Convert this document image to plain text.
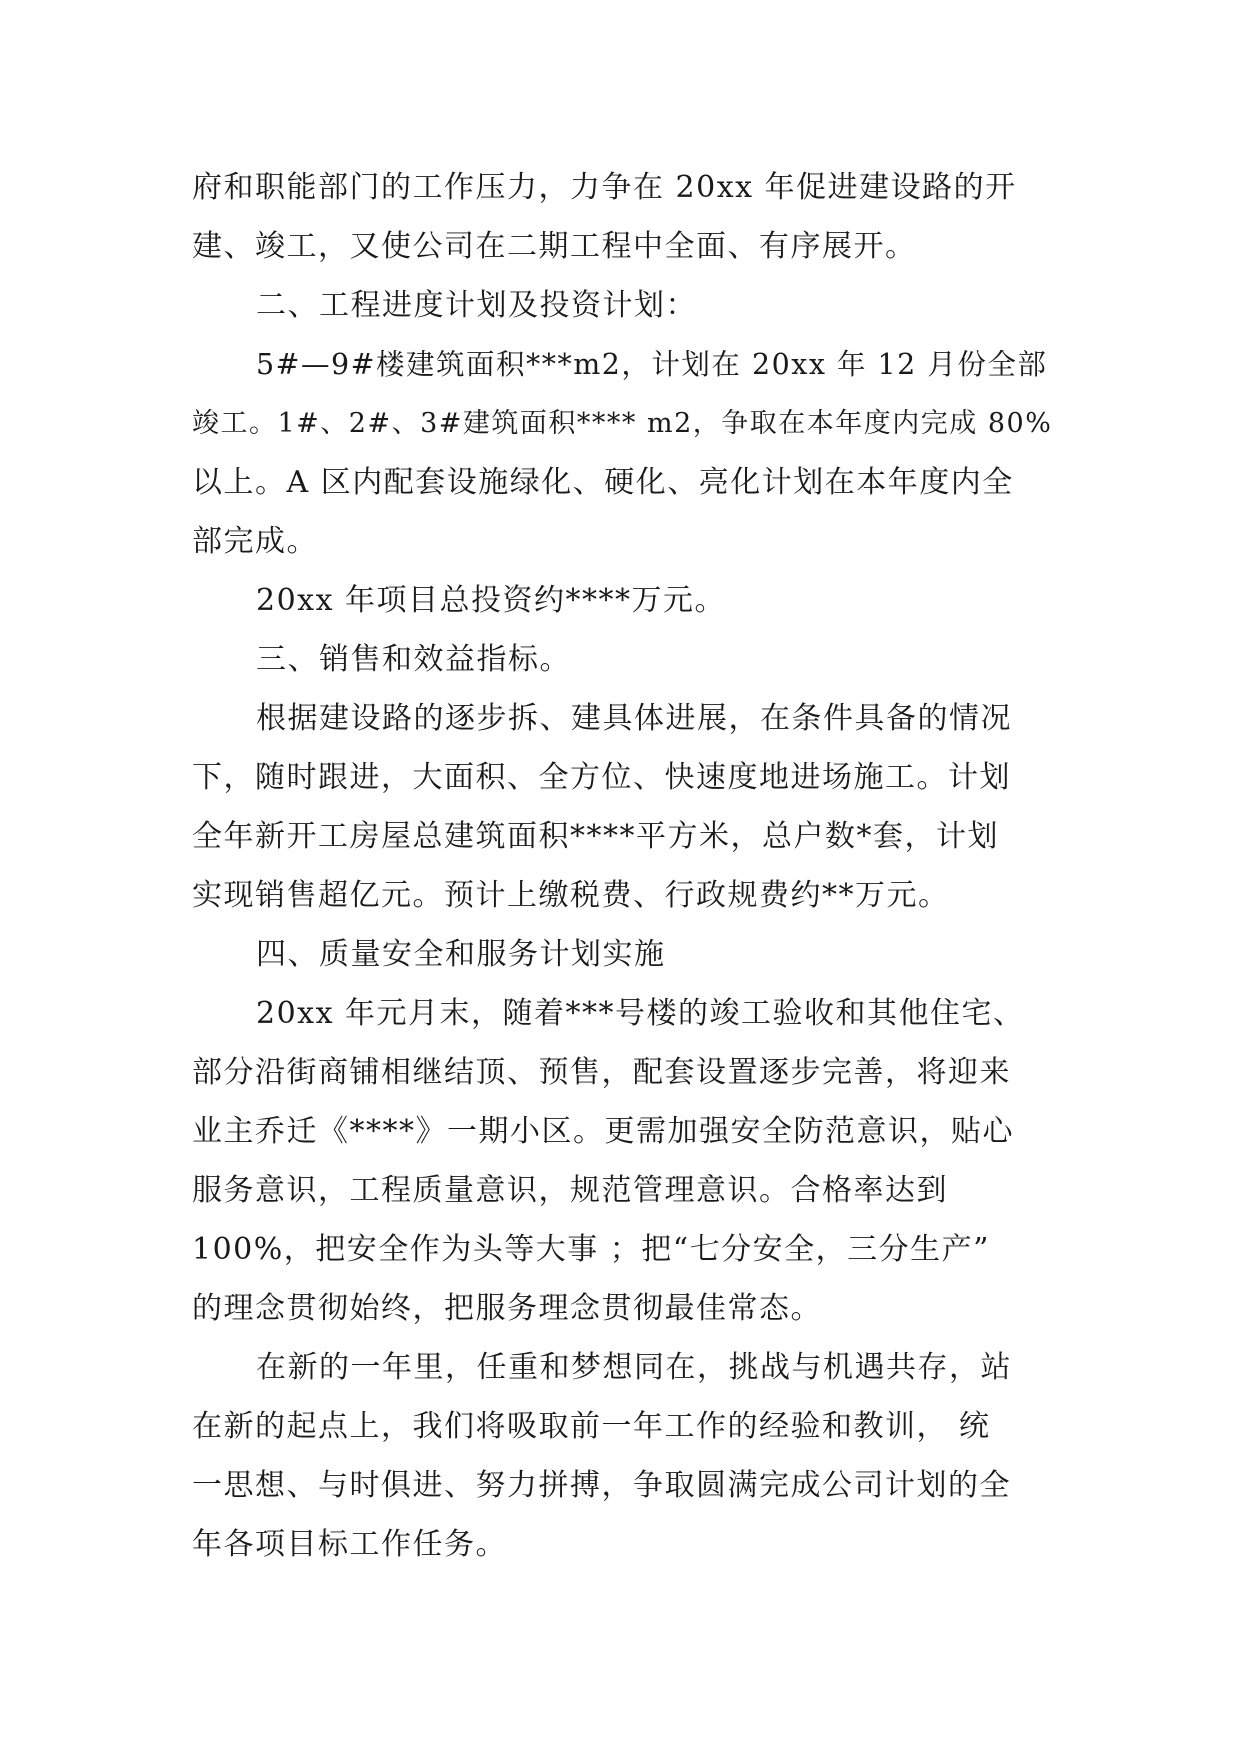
府和职能部门的工作压力，力争在 20xx 年促进建设路的开
建、竣工，又使公司在二期工程中全面、有序展开。
二、工程进度计划及投资计划：
5#—9#楼建筑面积***m2，计划在 20xx 年 12 月份全部
竣工。1#、2#、3#建筑面积**** m2，争取在本年度内完成 80%
以上。A 区内配套设施绿化、硬化、亮化计划在本年度内全
部完成。
20xx 年项目总投资约****万元。
三、销售和效益指标。
根据建设路的逐步拆、建具体进展，在条件具备的情况
下，随时跟进，大面积、全方位、快速度地进场施工。计划
全年新开工房屋总建筑面积****平方米，总户数*套，计划
实现销售超亿元。预计上缴税费、行政规费约**万元。
四、质量安全和服务计划实施
20xx 年元月末，随着***号楼的竣工验收和其他住宅、
部分沿街商铺相继结顶、预售，配套设置逐步完善，将迎来
业主乔迁《****》一期小区。更需加强安全防范意识，贴心
服务意识，工程质量意识，规范管理意识。合格率达到
100%，把安全作为头等大事 ；把“七分安全，三分生产”
的理念贯彻始终，把服务理念贯彻最佳常态。
在新的一年里，任重和梦想同在，挑战与机遇共存，站
在新的起点上，我们将吸取前一年工作的经验和教训， 统
一思想、与时俱进、努力拼搏，争取圆满完成公司计划的全
年各项目标工作任务。
